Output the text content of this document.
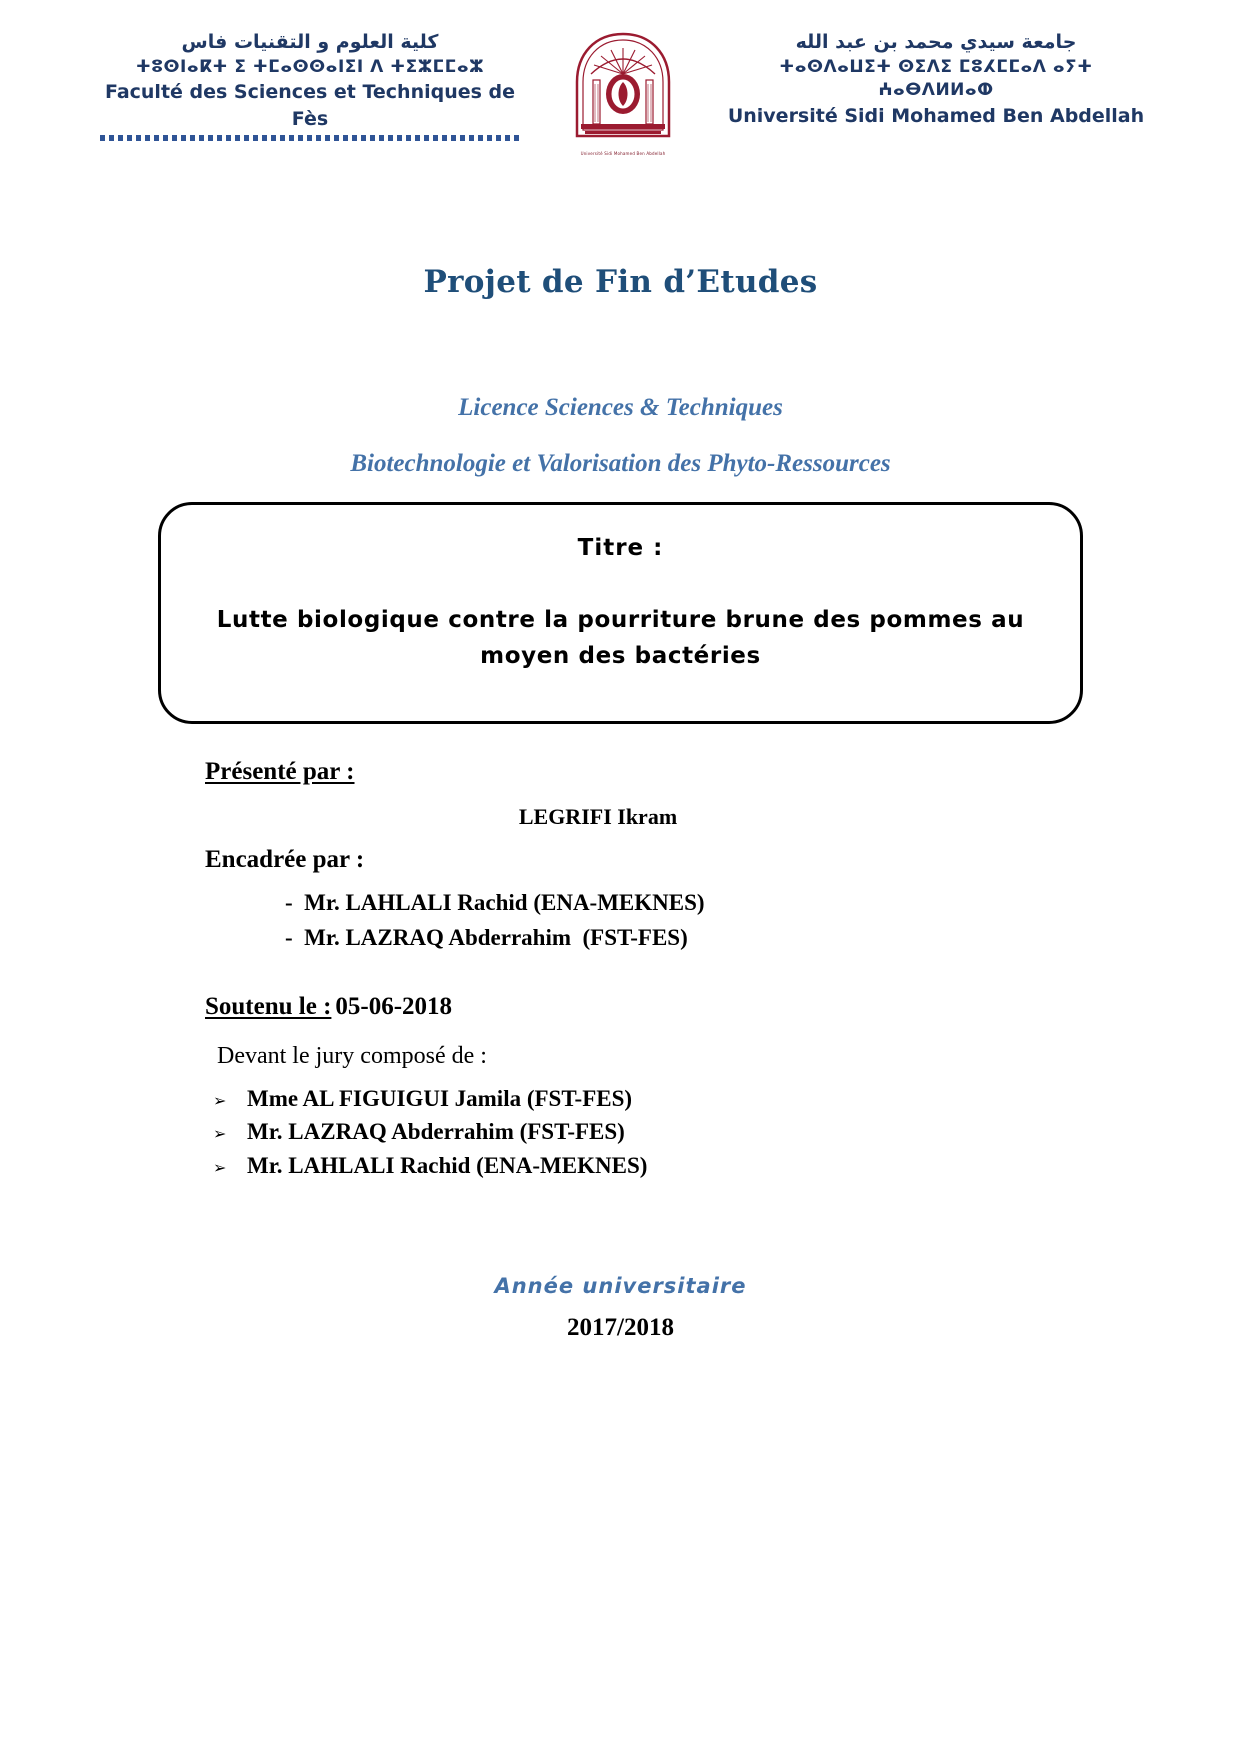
كلية العلوم و التقنيات فاس
ⵜⵓⵙⵏⴰⴽⵜ ⵉ ⵜⵎⴰⵙⵙⴰⵏⵉⵏ ⴷ ⵜⵉⵣⵎⵎⴰⵣ
Faculté des Sciences et Techniques de Fès
Université Sidi Mohamed Ben Abdellah
جامعة سيدي محمد بن عبد الله
ⵜⴰⵙⴷⴰⵡⵉⵜ ⵙⵉⴷⵉ ⵎⵓⵃⵎⵎⴰⴷ ⴰⵢⵜ ⵄⴰⴱⴷⵍⵍⴰⵀ
Université Sidi Mohamed Ben Abdellah
Projet de Fin d’Etudes
Licence Sciences & Techniques
Biotechnologie et Valorisation des Phyto-Ressources
Titre :
Lutte biologique contre la pourriture brune des pommes au moyen des bactéries
Présenté par :
LEGRIFI Ikram
Encadrée par :
-  Mr. LAHLALI Rachid (ENA-MEKNES)
-  Mr. LAZRAQ Abderrahim  (FST-FES)
Soutenu le : 05-06-2018
Devant le jury composé de :
➢ Mme AL FIGUIGUI Jamila (FST-FES)
➢ Mr. LAZRAQ Abderrahim (FST-FES)
➢ Mr. LAHLALI Rachid (ENA-MEKNES)
Année universitaire
2017/2018
